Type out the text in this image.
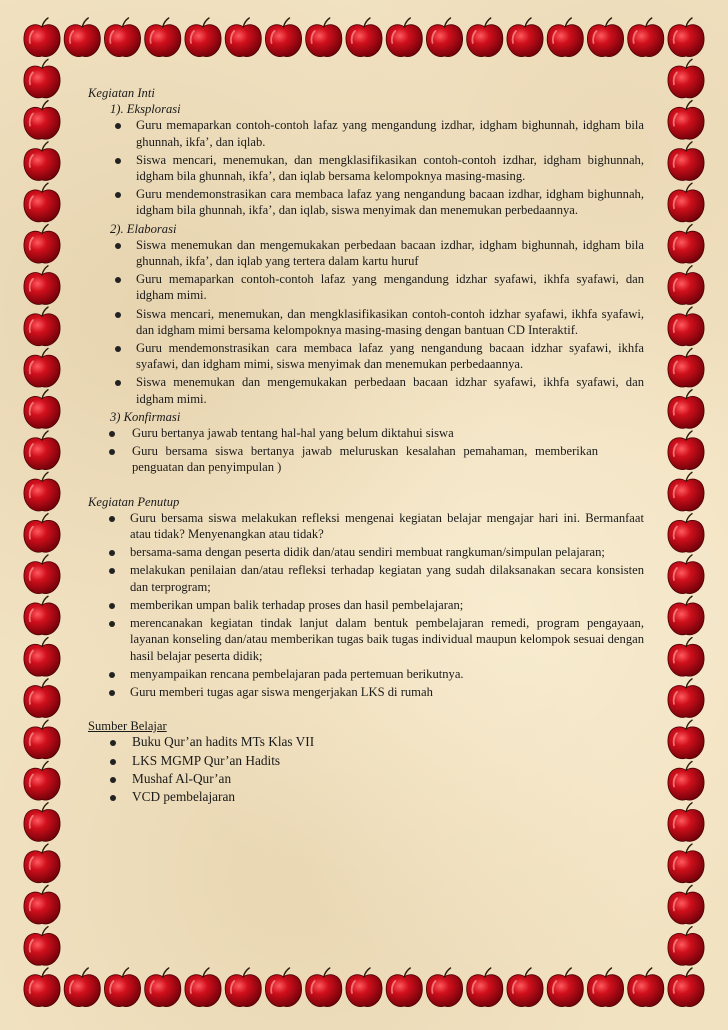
Kegiatan Inti

1). Eksplorasi

Guru memaparkan contoh-contoh lafaz yang mengandung izdhar, idgham bighunnah, idgham bila ghunnah, ikfa’, dan iqlab.
Siswa mencari, menemukan, dan mengklasifikasikan contoh-contoh izdhar, idgham bighunnah, idgham bila ghunnah, ikfa’, dan iqlab bersama kelompoknya masing-masing.
Guru mendemonstrasikan cara membaca lafaz yang nengandung bacaan izdhar, idgham bighunnah, idgham bila ghunnah, ikfa’, dan iqlab, siswa menyimak dan menemukan perbedaannya.

2). Elaborasi

Siswa menemukan dan mengemukakan perbedaan bacaan izdhar, idgham bighunnah, idgham bila ghunnah, ikfa’, dan iqlab yang tertera dalam kartu huruf
Guru memaparkan contoh-contoh lafaz yang mengandung idzhar syafawi, ikhfa syafawi, dan idgham mimi.
Siswa mencari, menemukan, dan mengklasifikasikan contoh-contoh idzhar syafawi, ikhfa syafawi, dan idgham mimi bersama kelompoknya masing-masing dengan bantuan CD Interaktif.
Guru mendemonstrasikan cara membaca lafaz yang nengandung bacaan idzhar syafawi, ikhfa syafawi, dan idgham mimi, siswa menyimak dan menemukan perbedaannya.
Siswa menemukan dan mengemukakan perbedaan bacaan idzhar syafawi, ikhfa syafawi, dan idgham mimi.

3) Konfirmasi

Guru bertanya jawab tentang hal-hal yang belum diktahui siswa
Guru bersama siswa bertanya jawab meluruskan kesalahan pemahaman, memberikan penguatan dan penyimpulan )

Kegiatan Penutup

Guru bersama siswa melakukan refleksi mengenai kegiatan belajar mengajar hari ini. Bermanfaat atau tidak? Menyenangkan atau tidak?
bersama-sama dengan peserta didik dan/atau sendiri membuat rangkuman/simpulan pelajaran;
melakukan penilaian dan/atau refleksi terhadap kegiatan yang sudah dilaksanakan secara konsisten dan terprogram;
memberikan umpan balik terhadap proses dan hasil pembelajaran;
merencanakan kegiatan tindak lanjut dalam bentuk pembelajaran remedi, program pengayaan, layanan konseling dan/atau memberikan tugas baik tugas individual maupun kelompok sesuai dengan hasil belajar peserta didik;
menyampaikan rencana pembelajaran pada pertemuan berikutnya.
Guru memberi tugas agar siswa mengerjakan LKS di rumah

Sumber Belajar

Buku Qur’an hadits MTs Klas VII
LKS MGMP Qur’an Hadits
Mushaf Al-Qur’an
VCD pembelajaran
